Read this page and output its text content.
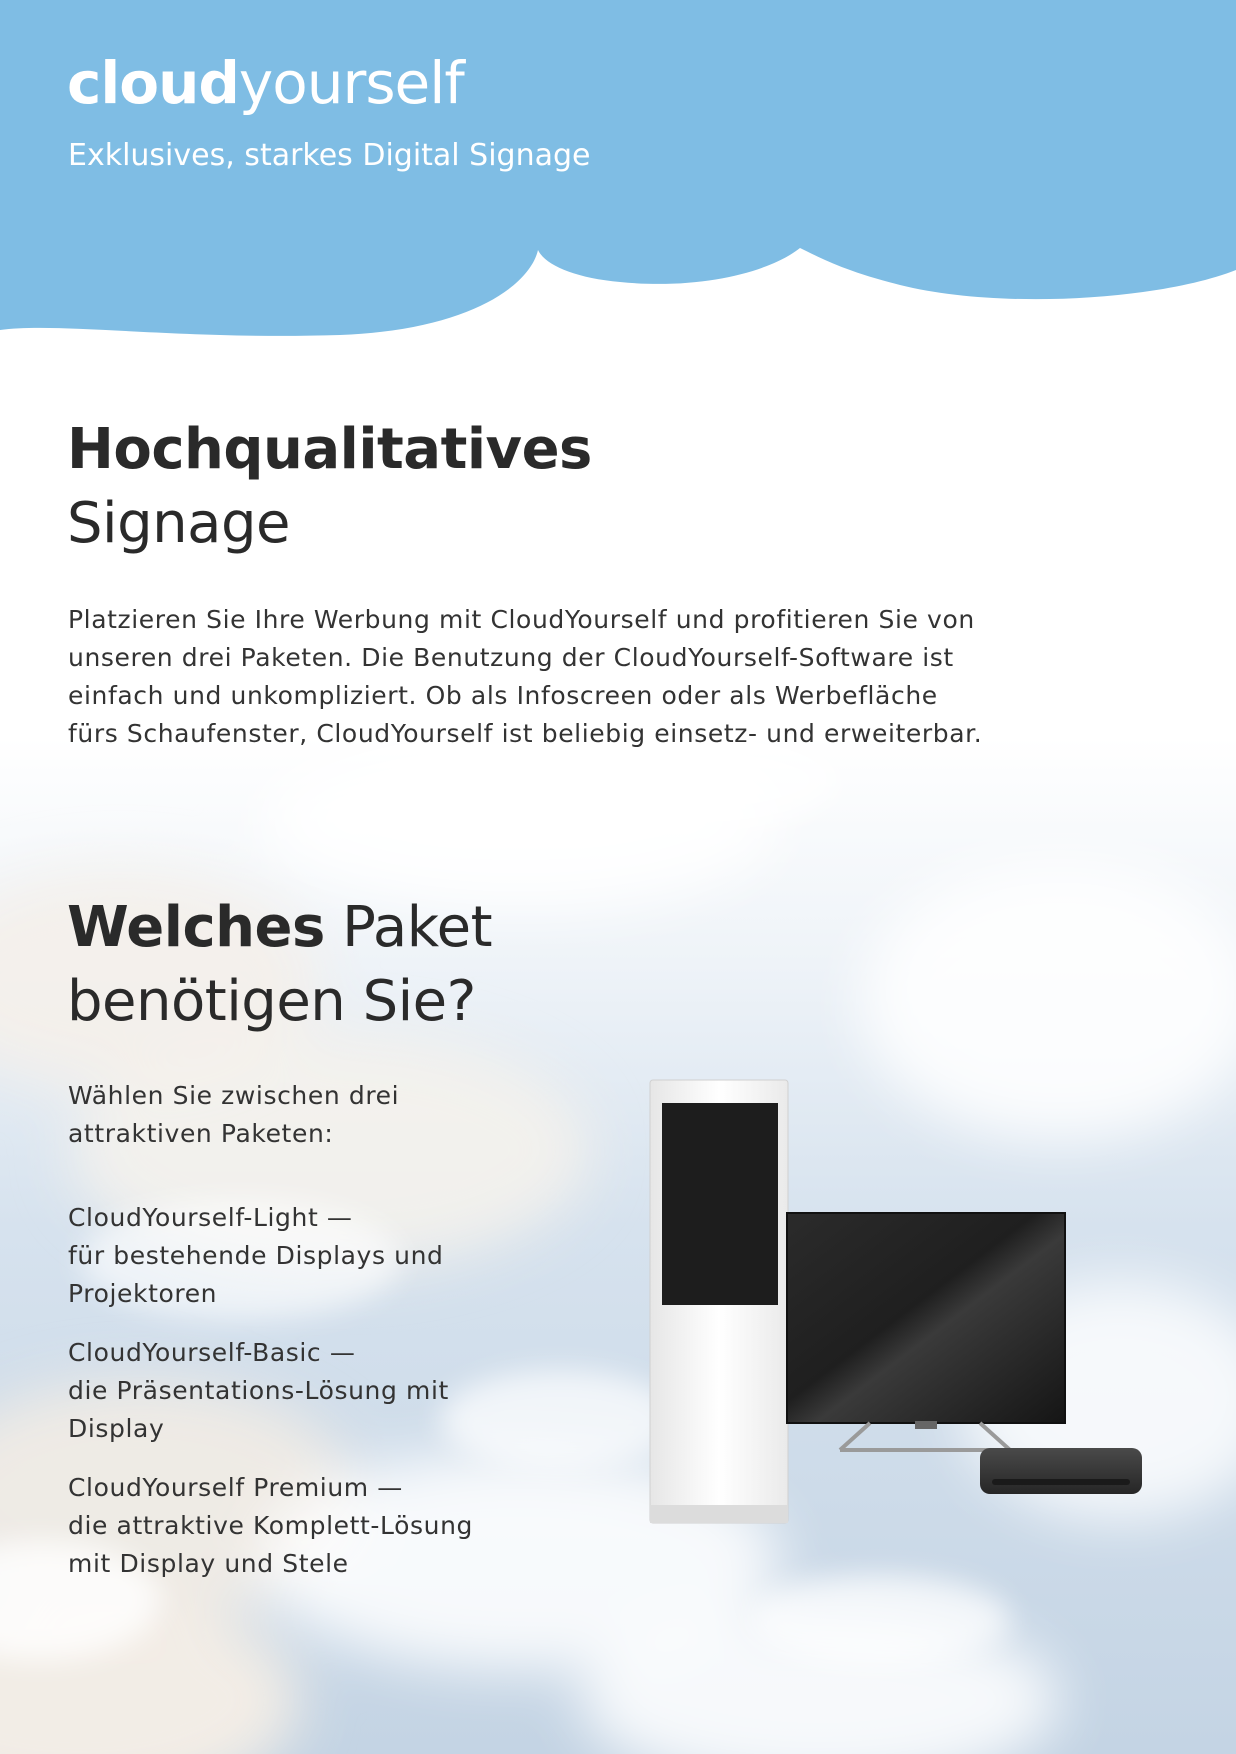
cloudyourself
Exklusives, starkes Digital Signage
Hochqualitatives
Signage
Platzieren Sie Ihre Werbung mit CloudYourself und profitieren Sie von
unseren drei Paketen. Die Benutzung der CloudYourself-Software ist
einfach und unkompliziert. Ob als Infoscreen oder als Werbefläche
fürs Schaufenster, CloudYourself ist beliebig einsetz- und erweiterbar.
Welches Paket
benötigen Sie?
Wählen Sie zwischen drei
attraktiven Paketen:
CloudYourself-Light —
für bestehende Displays und
Projektoren
CloudYourself-Basic —
die Präsentations-Lösung mit
Display
CloudYourself Premium —
die attraktive Komplett-Lösung
mit Display und Stele
